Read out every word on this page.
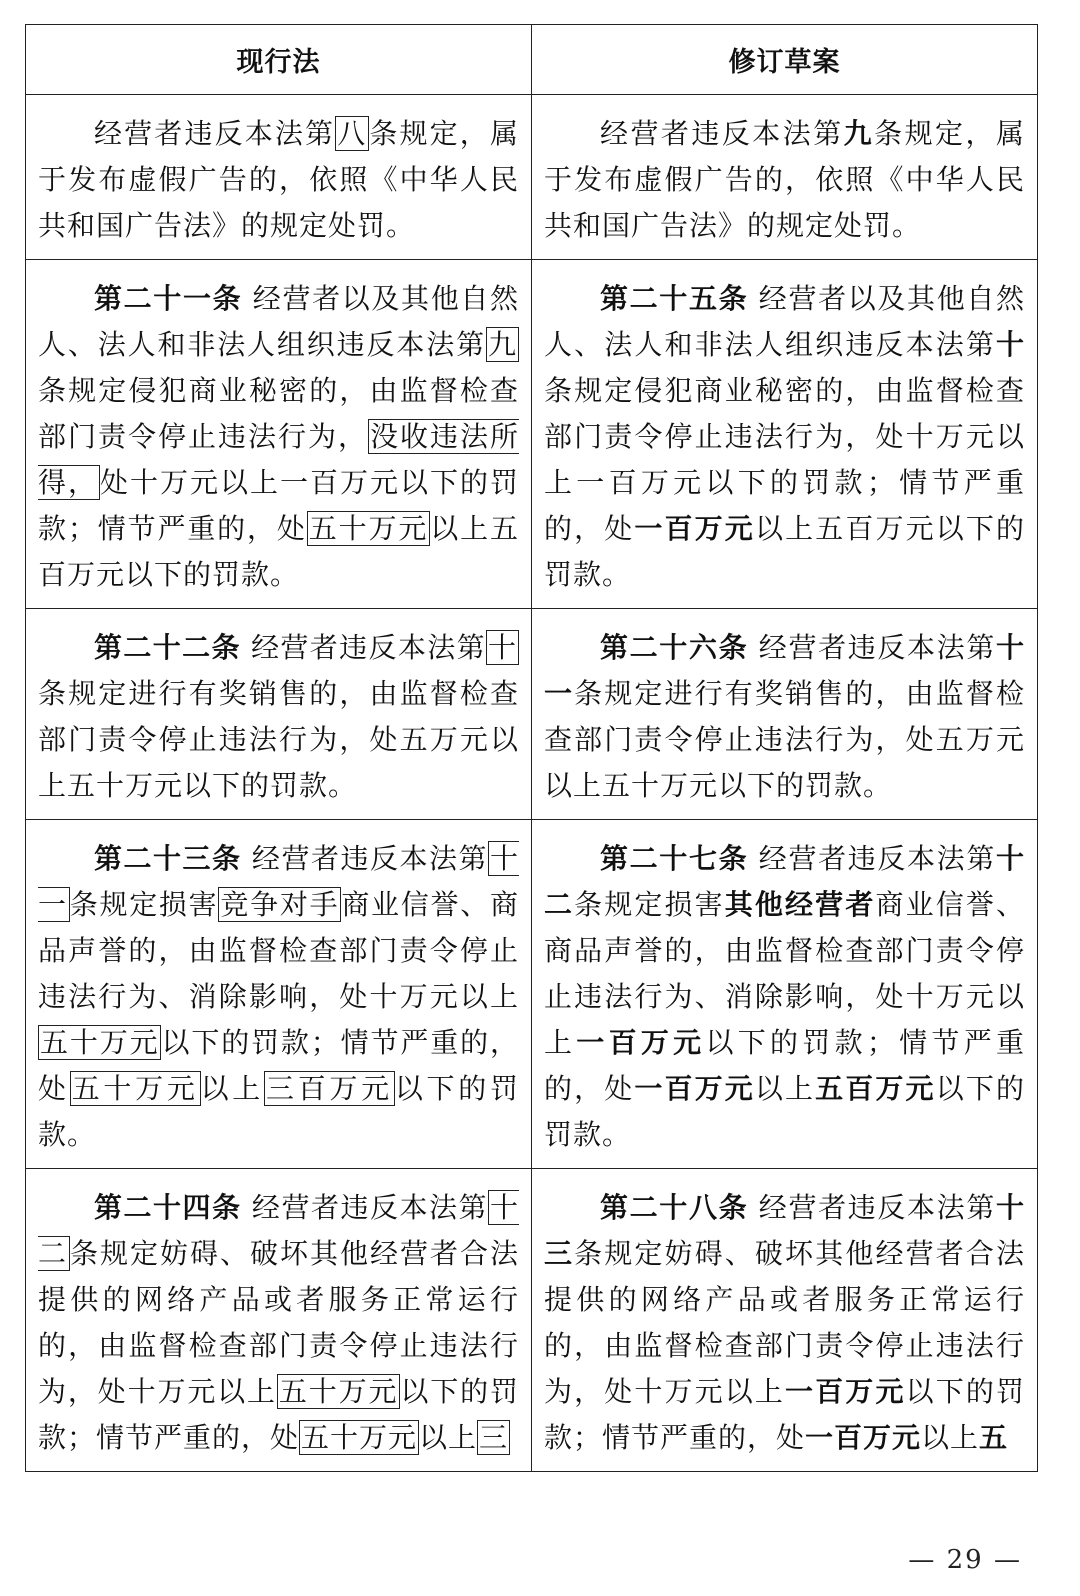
现行法	修订草案

经营者违反本法第八条规定，属于发布虚假广告的，依照《中华人民共和国广告法》的规定处罚。	经营者违反本法第九条规定，属于发布虚假广告的，依照《中华人民共和国广告法》的规定处罚。

第二十一条 经营者以及其他自然人、法人和非法人组织违反本法第九条规定侵犯商业秘密的，由监督检查部门责令停止违法行为，没收违法所得，处十万元以上一百万元以下的罚款；情节严重的，处五十万元以上五百万元以下的罚款。	第二十五条 经营者以及其他自然人、法人和非法人组织违反本法第十条规定侵犯商业秘密的，由监督检查部门责令停止违法行为，处十万元以上一百万元以下的罚款；情节严重的，处一百万元以上五百万元以下的罚款。

第二十二条 经营者违反本法第十条规定进行有奖销售的，由监督检查部门责令停止违法行为，处五万元以上五十万元以下的罚款。	第二十六条 经营者违反本法第十一条规定进行有奖销售的，由监督检查部门责令停止违法行为，处五万元以上五十万元以下的罚款。

第二十三条 经营者违反本法第十一条规定损害竞争对手商业信誉、商品声誉的，由监督检查部门责令停止违法行为、消除影响，处十万元以上五十万元以下的罚款；情节严重的，处五十万元以上三百万元以下的罚款。	第二十七条 经营者违反本法第十二条规定损害其他经营者商业信誉、商品声誉的，由监督检查部门责令停止违法行为、消除影响，处十万元以上一百万元以下的罚款；情节严重的，处一百万元以上五百万元以下的罚款。

第二十四条 经营者违反本法第十二条规定妨碍、破坏其他经营者合法提供的网络产品或者服务正常运行的，由监督检查部门责令停止违法行为，处十万元以上五十万元以下的罚款；情节严重的，处五十万元以上三	第二十八条 经营者违反本法第十三条规定妨碍、破坏其他经营者合法提供的网络产品或者服务正常运行的，由监督检查部门责令停止违法行为，处十万元以上一百万元以下的罚款；情节严重的，处一百万元以上五

— 29 —
